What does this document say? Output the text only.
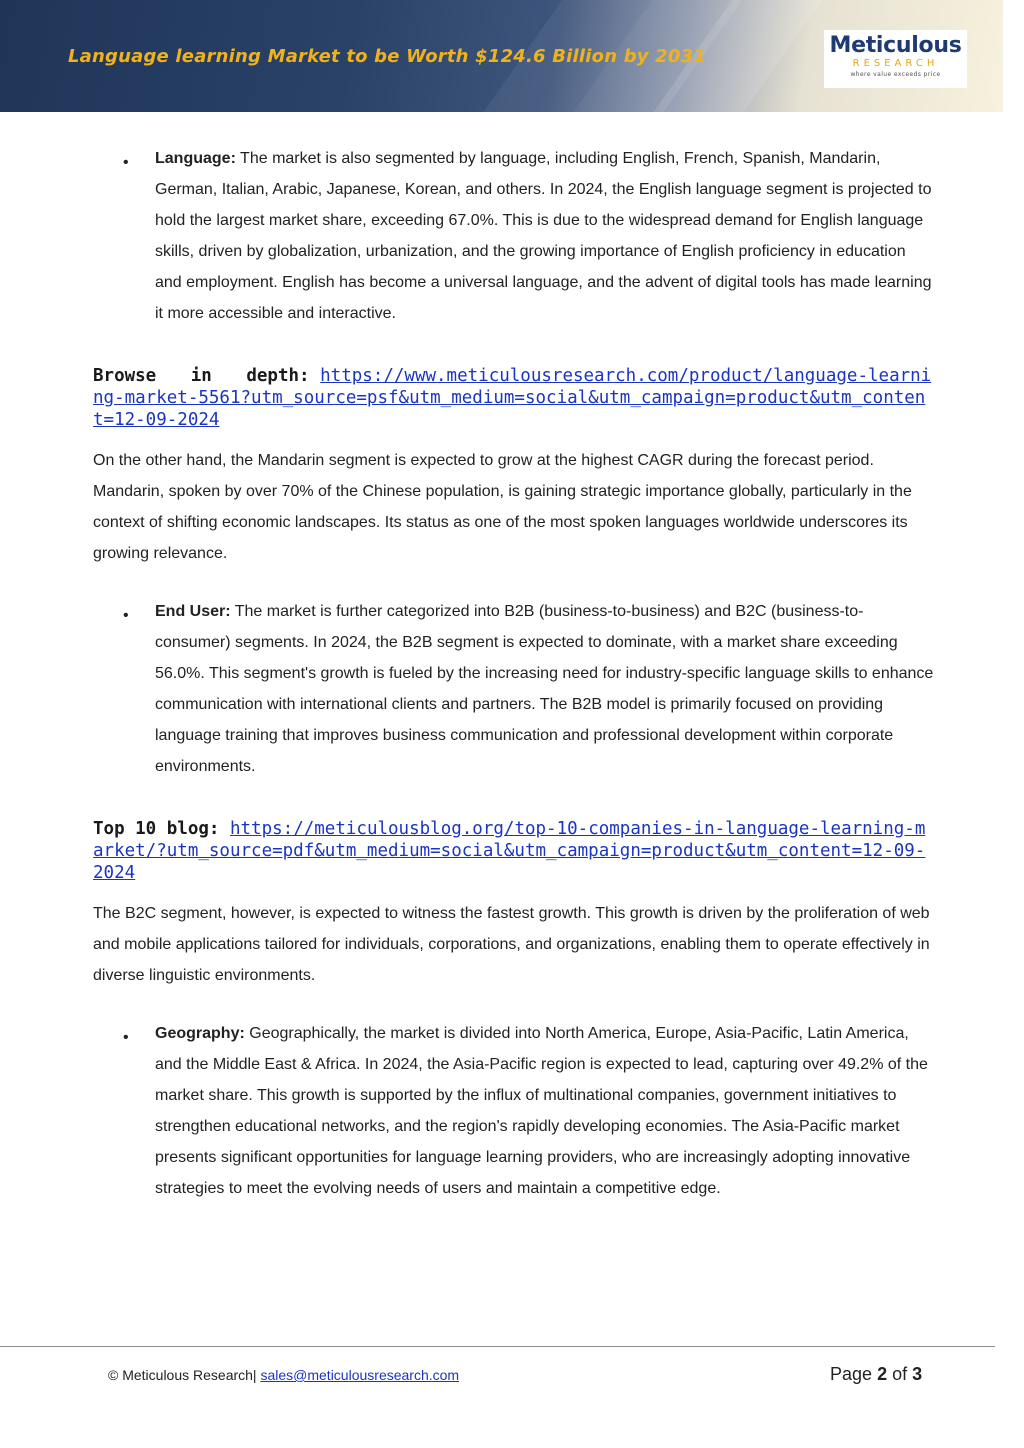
Language learning Market to be Worth $124.6 Billion by 2031	Meticulous
RESEARCH
where value exceeds price
• Language: The market is also segmented by language, including English, French, Spanish, Mandarin, German, Italian, Arabic, Japanese, Korean, and others. In 2024, the English language segment is projected to hold the largest market share, exceeding 67.0%. This is due to the widespread demand for English language skills, driven by globalization, urbanization, and the growing importance of English proficiency in education and employment. English has become a universal language, and the advent of digital tools has made learning it more accessible and interactive.

Browse in depth: https://www.meticulousresearch.com/product/language-learning-market-5561?utm_source=psf&utm_medium=social&utm_campaign=product&utm_content=12-09-2024

On the other hand, the Mandarin segment is expected to grow at the highest CAGR during the forecast period. Mandarin, spoken by over 70% of the Chinese population, is gaining strategic importance globally, particularly in the context of shifting economic landscapes. Its status as one of the most spoken languages worldwide underscores its growing relevance.

• End User: The market is further categorized into B2B (business-to-business) and B2C (business-to-consumer) segments. In 2024, the B2B segment is expected to dominate, with a market share exceeding 56.0%. This segment's growth is fueled by the increasing need for industry-specific language skills to enhance communication with international clients and partners. The B2B model is primarily focused on providing language training that improves business communication and professional development within corporate environments.

Top 10 blog: https://meticulousblog.org/top-10-companies-in-language-learning-market/?utm_source=pdf&utm_medium=social&utm_campaign=product&utm_content=12-09-2024

The B2C segment, however, is expected to witness the fastest growth. This growth is driven by the proliferation of web and mobile applications tailored for individuals, corporations, and organizations, enabling them to operate effectively in diverse linguistic environments.

• Geography: Geographically, the market is divided into North America, Europe, Asia-Pacific, Latin America, and the Middle East & Africa. In 2024, the Asia-Pacific region is expected to lead, capturing over 49.2% of the market share. This growth is supported by the influx of multinational companies, government initiatives to strengthen educational networks, and the region's rapidly developing economies. The Asia-Pacific market presents significant opportunities for language learning providers, who are increasingly adopting innovative strategies to meet the evolving needs of users and maintain a competitive edge.

© Meticulous Research| sales@meticulousresearch.com	Page 2 of 3
